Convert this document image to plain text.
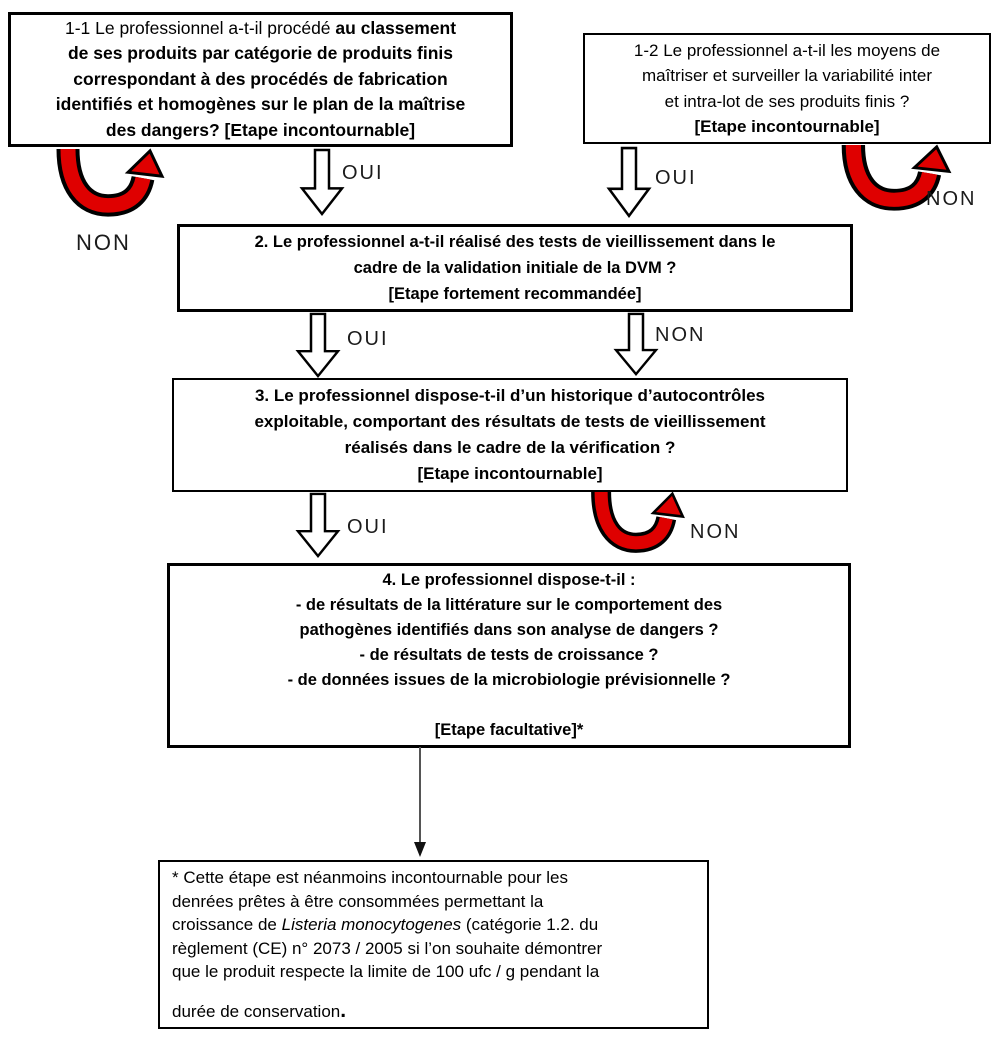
1-1 Le professionnel a-t-il procédé au classement
de ses produits par catégorie de produits finis
correspondant à des procédés de fabrication
identifiés et homogènes sur le plan de la maîtrise
des dangers? [Etape incontournable]
1-2 Le professionnel a-t-il les moyens de
maîtriser et surveiller la variabilité inter
et intra-lot de ses produits finis ?
[Etape incontournable]
2. Le professionnel a-t-il réalisé des tests de vieillissement dans le
cadre de la validation initiale de la DVM ?
[Etape fortement recommandée]
3. Le professionnel dispose-t-il d’un historique d’autocontrôles
exploitable, comportant des résultats de tests de vieillissement
réalisés dans le cadre de la vérification ?
[Etape incontournable]
4. Le professionnel dispose-t-il :
- de résultats de la littérature sur le comportement des
pathogènes identifiés dans son analyse de dangers ?
- de résultats de tests de croissance ?
- de données issues de la microbiologie prévisionnelle ?
[Etape facultative]*
* Cette étape est néanmoins incontournable pour les
denrées prêtes à être consommées permettant la
croissance de Listeria monocytogenes (catégorie 1.2. du
règlement (CE) n° 2073 / 2005 si l’on souhaite démontrer
que le produit respecte la limite de 100 ufc / g pendant la
durée de conservation.
OUI
NON
OUI
NON
OUI	NON
OUI	NON
